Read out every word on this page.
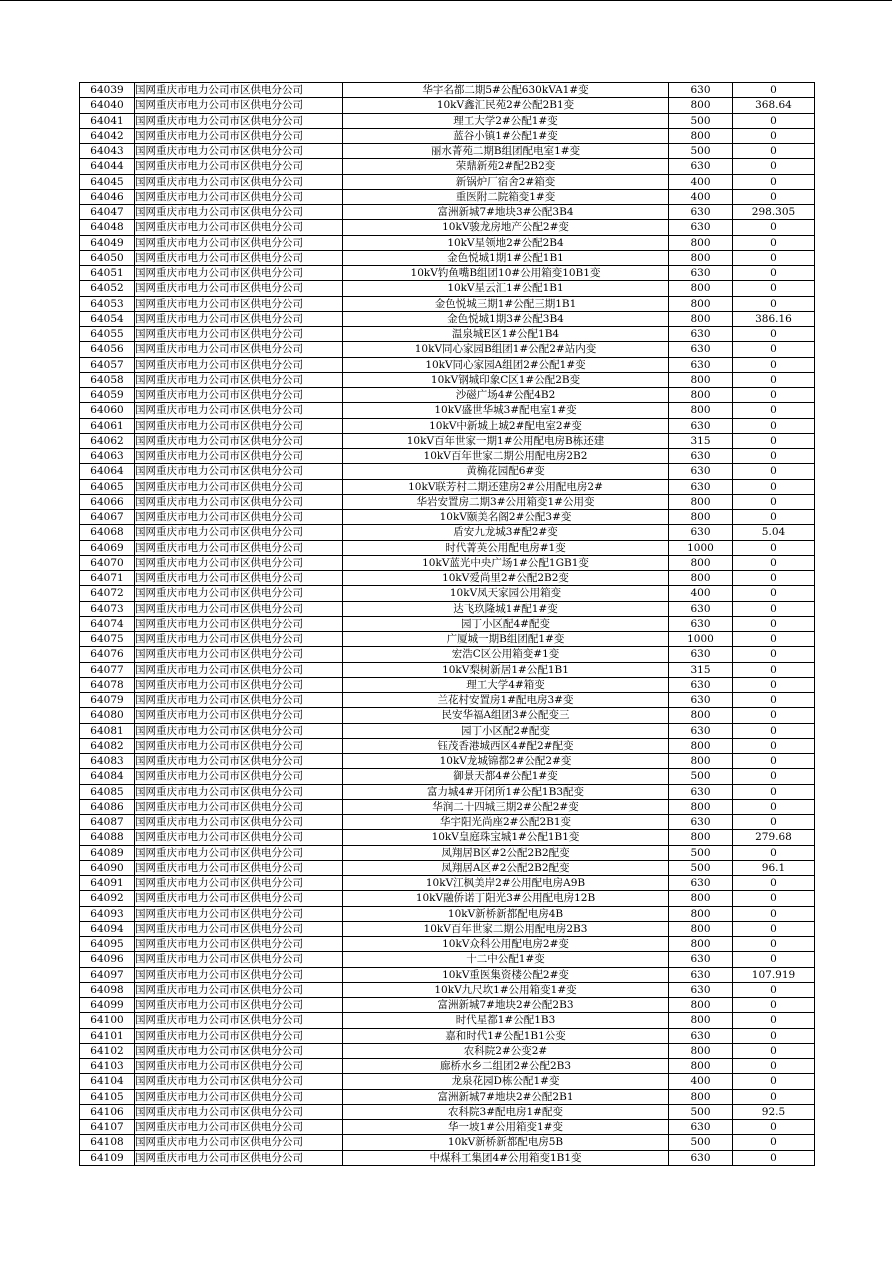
64039	国网重庆市电力公司市区供电分公司	华宇名都二期5#公配630kVA1#变	630	0
64040	国网重庆市电力公司市区供电分公司	10kV鑫汇民苑2#公配2B1变	800	368.64
64041	国网重庆市电力公司市区供电分公司	理工大学2#公配1#变	500	0
64042	国网重庆市电力公司市区供电分公司	蓝谷小镇1#公配1#变	800	0
64043	国网重庆市电力公司市区供电分公司	丽水菁苑二期B组团配电室1#变	500	0
64044	国网重庆市电力公司市区供电分公司	荣鼎新苑2#配2B2变	630	0
64045	国网重庆市电力公司市区供电分公司	新锅炉厂宿舍2#箱变	400	0
64046	国网重庆市电力公司市区供电分公司	重医附二院箱变1#变	400	0
64047	国网重庆市电力公司市区供电分公司	富洲新城7#地块3#公配3B4	630	298.305
64048	国网重庆市电力公司市区供电分公司	10kV骏龙房地产公配2#变	630	0
64049	国网重庆市电力公司市区供电分公司	10kV星领地2#公配2B4	800	0
64050	国网重庆市电力公司市区供电分公司	金色悦城1期1#公配1B1	800	0
64051	国网重庆市电力公司市区供电分公司	10kV钓鱼嘴B组团10#公用箱变10B1变	630	0
64052	国网重庆市电力公司市区供电分公司	10kV星云汇1#公配1B1	800	0
64053	国网重庆市电力公司市区供电分公司	金色悦城三期1#公配三期1B1	800	0
64054	国网重庆市电力公司市区供电分公司	金色悦城1期3#公配3B4	800	386.16
64055	国网重庆市电力公司市区供电分公司	温泉城E区1#公配1B4	630	0
64056	国网重庆市电力公司市区供电分公司	10kV同心家园B组团1#公配2#站内变	630	0
64057	国网重庆市电力公司市区供电分公司	10kV同心家园A组团2#公配1#变	630	0
64058	国网重庆市电力公司市区供电分公司	10kV钢城印象C区1#公配2B变	800	0
64059	国网重庆市电力公司市区供电分公司	沙磁广场4#公配4B2	800	0
64060	国网重庆市电力公司市区供电分公司	10kV盛世华城3#配电室1#变	800	0
64061	国网重庆市电力公司市区供电分公司	10kV中新城上城2#配电室2#变	630	0
64062	国网重庆市电力公司市区供电分公司	10kV百年世家一期1#公用配电房B栋还建	315	0
64063	国网重庆市电力公司市区供电分公司	10kV百年世家二期公用配电房2B2	630	0
64064	国网重庆市电力公司市区供电分公司	黄桷花园配6#变	630	0
64065	国网重庆市电力公司市区供电分公司	10kV联芳村二期还建房2#公用配电房2#	630	0
64066	国网重庆市电力公司市区供电分公司	华岩安置房二期3#公用箱变1#公用变	800	0
64067	国网重庆市电力公司市区供电分公司	10kV颐美名阁2#公配3#变	800	0
64068	国网重庆市电力公司市区供电分公司	盾安九龙城3#配2#变	630	5.04
64069	国网重庆市电力公司市区供电分公司	时代菁英公用配电房#1变	1000	0
64070	国网重庆市电力公司市区供电分公司	10kV蓝光中央广场1#公配1GB1变	800	0
64071	国网重庆市电力公司市区供电分公司	10kV爱尚里2#公配2B2变	800	0
64072	国网重庆市电力公司市区供电分公司	10kV凤天家园公用箱变	400	0
64073	国网重庆市电力公司市区供电分公司	达飞玖隆城1#配1#变	630	0
64074	国网重庆市电力公司市区供电分公司	园丁小区配4#配变	630	0
64075	国网重庆市电力公司市区供电分公司	广厦城一期B组团配1#变	1000	0
64076	国网重庆市电力公司市区供电分公司	宏浩C区公用箱变#1变	630	0
64077	国网重庆市电力公司市区供电分公司	10kV梨树新居1#公配1B1	315	0
64078	国网重庆市电力公司市区供电分公司	理工大学4#箱变	630	0
64079	国网重庆市电力公司市区供电分公司	兰花村安置房1#配电房3#变	630	0
64080	国网重庆市电力公司市区供电分公司	民安华福A组团3#公配变三	800	0
64081	国网重庆市电力公司市区供电分公司	园丁小区配2#配变	630	0
64082	国网重庆市电力公司市区供电分公司	钰茂香港城西区4#配2#配变	800	0
64083	国网重庆市电力公司市区供电分公司	10kV龙城锦都2#公配2#变	800	0
64084	国网重庆市电力公司市区供电分公司	御景天都4#公配1#变	500	0
64085	国网重庆市电力公司市区供电分公司	富力城4#开闭所1#公配1B3配变	630	0
64086	国网重庆市电力公司市区供电分公司	华润二十四城三期2#公配2#变	800	0
64087	国网重庆市电力公司市区供电分公司	华宇阳光尚座2#公配2B1变	630	0
64088	国网重庆市电力公司市区供电分公司	10kV皇庭珠宝城1#公配1B1变	800	279.68
64089	国网重庆市电力公司市区供电分公司	凤翔居B区#2公配2B2配变	500	0
64090	国网重庆市电力公司市区供电分公司	凤翔居A区#2公配2B2配变	500	96.1
64091	国网重庆市电力公司市区供电分公司	10kV江枫美岸2#公用配电房A9B	630	0
64092	国网重庆市电力公司市区供电分公司	10kV融侨诺丁阳光3#公用配电房12B	800	0
64093	国网重庆市电力公司市区供电分公司	10kV新桥新都配电房4B	800	0
64094	国网重庆市电力公司市区供电分公司	10kV百年世家二期公用配电房2B3	800	0
64095	国网重庆市电力公司市区供电分公司	10kV众科公用配电房2#变	800	0
64096	国网重庆市电力公司市区供电分公司	十二中公配1#变	630	0
64097	国网重庆市电力公司市区供电分公司	10kV重医集资楼公配2#变	630	107.919
64098	国网重庆市电力公司市区供电分公司	10kV九尺坎1#公用箱变1#变	630	0
64099	国网重庆市电力公司市区供电分公司	富洲新城7#地块2#公配2B3	800	0
64100	国网重庆市电力公司市区供电分公司	时代星都1#公配1B3	800	0
64101	国网重庆市电力公司市区供电分公司	嘉和时代1#公配1B1公变	630	0
64102	国网重庆市电力公司市区供电分公司	农科院2#公变2#	800	0
64103	国网重庆市电力公司市区供电分公司	廊桥水乡二组团2#公配2B3	800	0
64104	国网重庆市电力公司市区供电分公司	龙泉花园D栋公配1#变	400	0
64105	国网重庆市电力公司市区供电分公司	富洲新城7#地块2#公配2B1	800	0
64106	国网重庆市电力公司市区供电分公司	农科院3#配电房1#配变	500	92.5
64107	国网重庆市电力公司市区供电分公司	华一坡1#公用箱变1#变	630	0
64108	国网重庆市电力公司市区供电分公司	10kV新桥新都配电房5B	500	0
64109	国网重庆市电力公司市区供电分公司	中煤科工集团4#公用箱变1B1变	630	0
